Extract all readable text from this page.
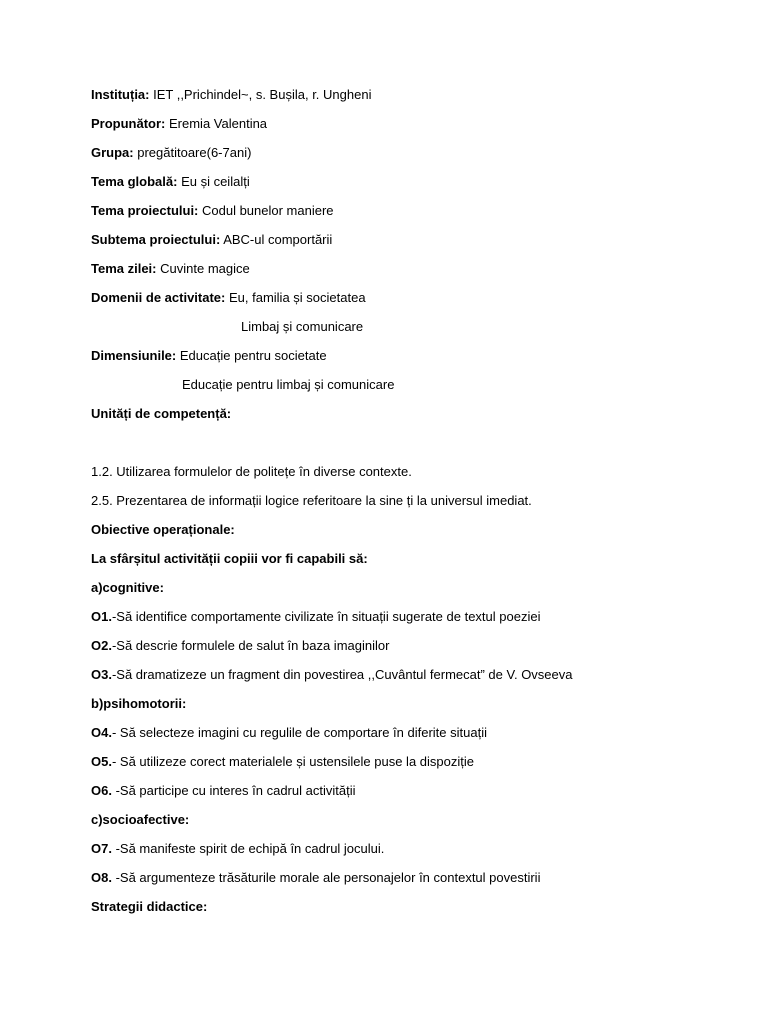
Instituția: IET ,,Prichindel~, s. Bușila, r. Ungheni
Propunător: Eremia Valentina
Grupa: pregătitoare(6-7ani)
Tema globală: Eu și ceilalți
Tema proiectului: Codul bunelor maniere
Subtema proiectului: ABC-ul comportării
Tema zilei: Cuvinte magice
Domenii de activitate: Eu, familia și societatea
Limbaj și comunicare
Dimensiunile: Educație pentru societate
Educație pentru limbaj și comunicare
Unități de competență:
1.2. Utilizarea formulelor de politețe în diverse contexte.
2.5. Prezentarea de informații logice referitoare la sine ți la universul imediat.
Obiective operaționale:
La sfârșitul activității copiii vor fi capabili să:
a)cognitive:
O1.-Să identifice comportamente civilizate în situații sugerate de textul poeziei
O2.-Să descrie formulele de salut în baza imaginilor
O3.-Să dramatizeze un fragment din povestirea ,,Cuvântul fermecat” de V. Ovseeva
b)psihomotorii:
O4.- Să selecteze imagini cu regulile de comportare în diferite situații
O5.- Să utilizeze corect materialele și ustensilele puse la dispoziție
O6. -Să participe cu interes în cadrul activității
c)socioafective:
O7. -Să manifeste spirit de echipă în cadrul jocului.
O8. -Să argumenteze trăsăturile morale ale personajelor în contextul povestirii
Strategii didactice:
